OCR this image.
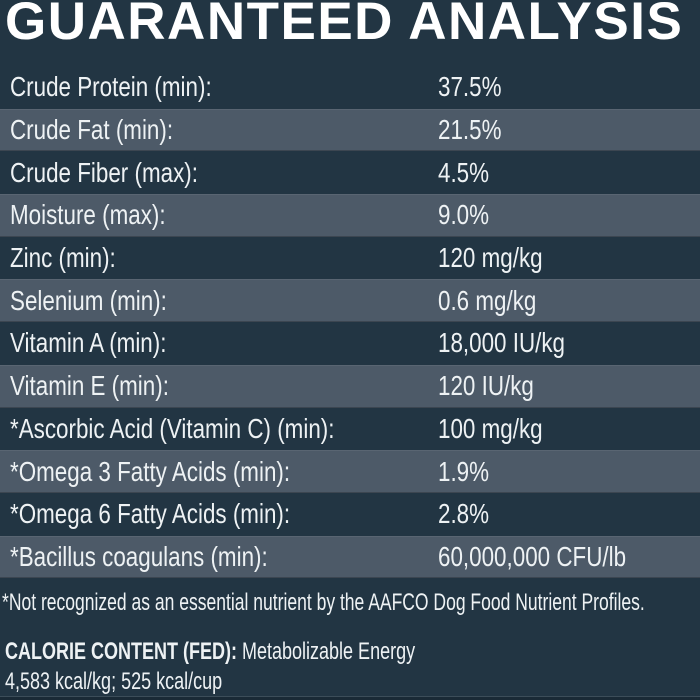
GUARANTEED ANALYSIS
Crude Protein (min):	37.5%
Crude Fat (min):	21.5%
Crude Fiber (max):	4.5%
Moisture (max):	9.0%
Zinc (min):	120 mg/kg
Selenium (min):	0.6 mg/kg
Vitamin A (min):	18,000 IU/kg
Vitamin E (min):	120 IU/kg
*Ascorbic Acid (Vitamin C) (min):	100 mg/kg
*Omega 3 Fatty Acids (min):	1.9%
*Omega 6 Fatty Acids (min):	2.8%
*Bacillus coagulans (min):	60,000,000 CFU/lb
*Not recognized as an essential nutrient by the AAFCO Dog Food Nutrient Profiles.
CALORIE CONTENT (FED): Metabolizable Energy
4,583 kcal/kg; 525 kcal/cup
